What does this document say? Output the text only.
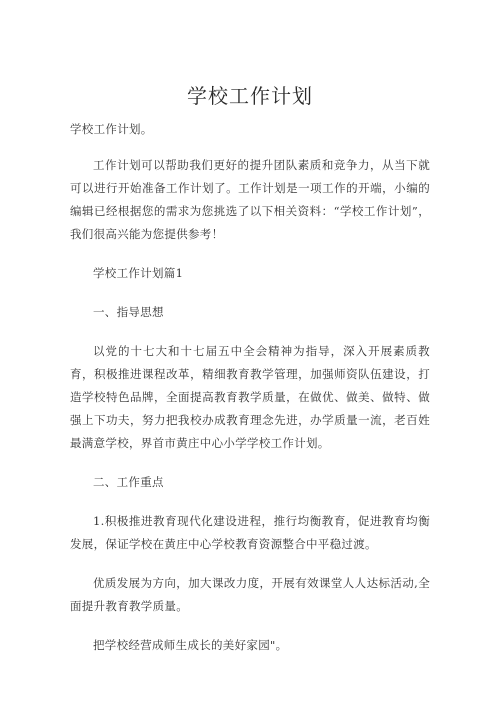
学校工作计划

学校工作计划。

工作计划可以帮助我们更好的提升团队素质和竞争力，从当下就可以进行开始准备工作计划了。工作计划是一项工作的开端，小编的编辑已经根据您的需求为您挑选了以下相关资料：“学校工作计划”，我们很高兴能为您提供参考！

学校工作计划篇1

一、指导思想

以党的十七大和十七届五中全会精神为指导，深入开展素质教育，积极推进课程改革，精细教育教学管理，加强师资队伍建设，打造学校特色品牌，全面提高教育教学质量，在做优、做美、做特、做强上下功夫，努力把我校办成教育理念先进，办学质量一流，老百姓最满意学校，界首市黄庄中心小学学校工作计划。

二、工作重点

1.积极推进教育现代化建设进程，推行均衡教育，促进教育均衡发展，保证学校在黄庄中心学校教育资源整合中平稳过渡。

优质发展为方向，加大课改力度，开展有效课堂人人达标活动,全面提升教育教学质量。

把学校经营成师生成长的美好家园"。
